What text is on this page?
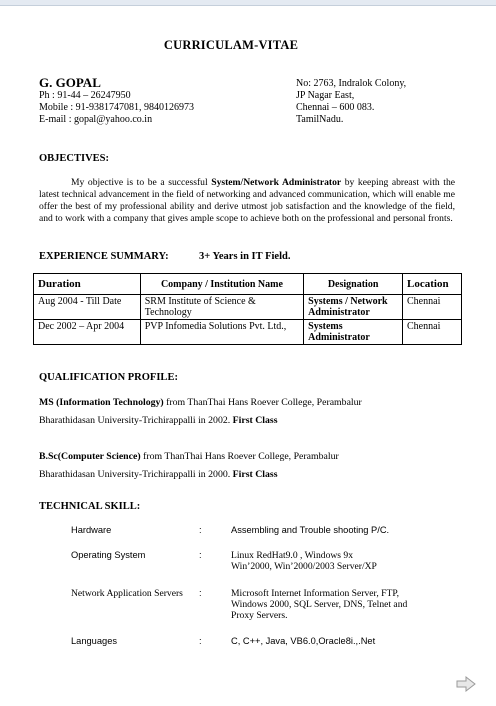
CURRICULAM-VITAE
G. GOPAL
Ph : 91-44 – 26247950
Mobile : 91-9381747081, 9840126973
E-mail : gopal@yahoo.co.in
No: 2763, Indralok Colony,
JP Nagar East,
Chennai – 600 083.
TamilNadu.
OBJECTIVES:
My objective is to be a successful System/Network Administrator by keeping abreast with the latest technical advancement in the field of networking and advanced communication, which will enable me offer the best of my professional ability and derive utmost job satisfaction and the knowledge of the field, and to work with a company that gives ample scope to achieve both on the professional and personal fronts.
EXPERIENCE SUMMARY:	3+ Years in IT Field.
Duration	Company / Institution Name	Designation	Location
Aug 2004 - Till Date	SRM Institute of Science & Technology	Systems / Network Administrator	Chennai
Dec 2002 – Apr 2004	PVP Infomedia Solutions Pvt. Ltd.,	Systems Administrator	Chennai
QUALIFICATION PROFILE:
MS (Information Technology) from ThanThai Hans Roever College, Perambalur
Bharathidasan University-Trichirappalli in 2002. First Class
B.Sc(Computer Science) from ThanThai Hans Roever College, Perambalur
Bharathidasan University-Trichirappalli in 2000. First Class
TECHNICAL SKILL:
Hardware	:	Assembling and Trouble shooting P/C.
Operating System	:	Linux RedHat9.0 , Windows 9x
Win’2000, Win’2000/2003 Server/XP
Network Application Servers :	Microsoft Internet Information Server, FTP,
Windows 2000, SQL Server, DNS, Telnet and
Proxy Servers.
Languages	:	C, C++, Java, VB6.0,Oracle8i.,.Net
